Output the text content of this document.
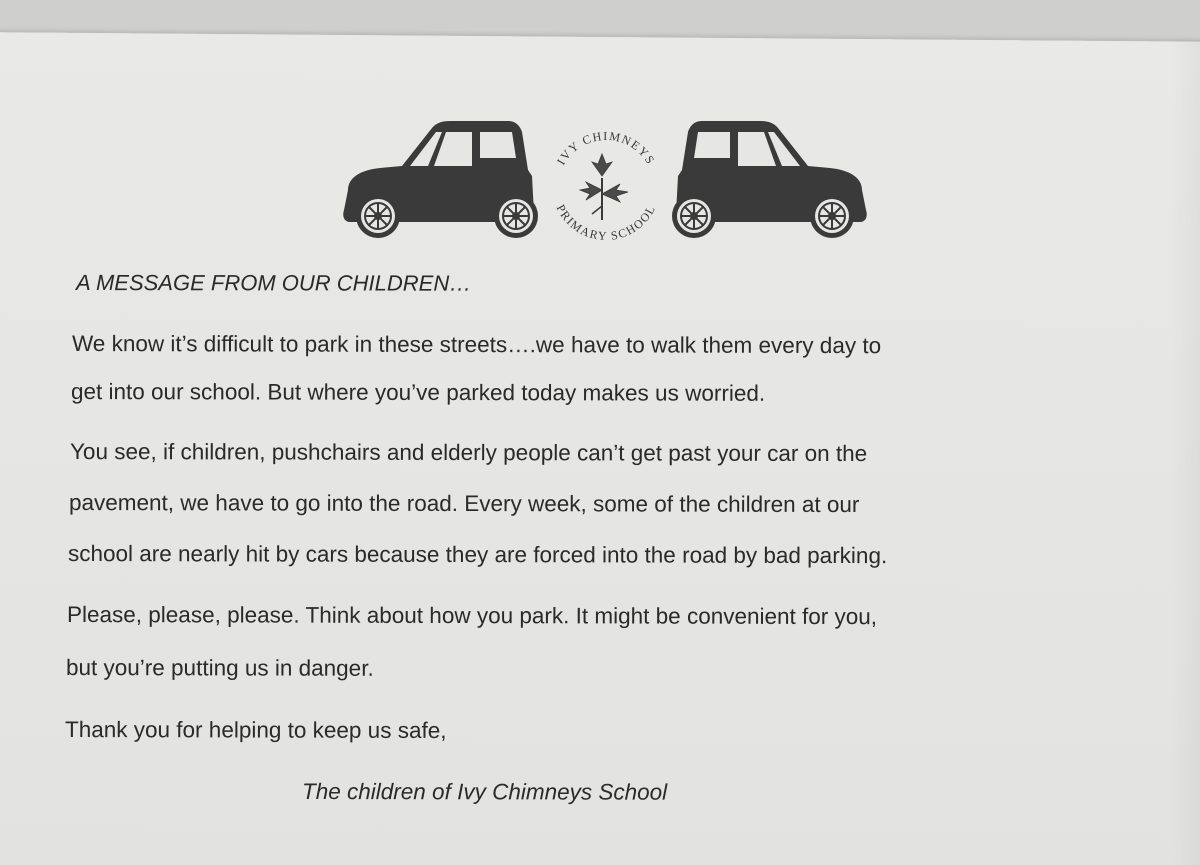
IVY CHIMNEYS
PRIMARY SCHOOL
A MESSAGE FROM OUR CHILDREN…
We know it’s difficult to park in these streets….we have to walk them every day to
get into our school. But where you’ve parked today makes us worried.
You see, if children, pushchairs and elderly people can’t get past your car on the
pavement, we have to go into the road. Every week, some of the children at our
school are nearly hit by cars because they are forced into the road by bad parking.
Please, please, please. Think about how you park. It might be convenient for you,
but you’re putting us in danger.
Thank you for helping to keep us safe,
The children of Ivy Chimneys School
